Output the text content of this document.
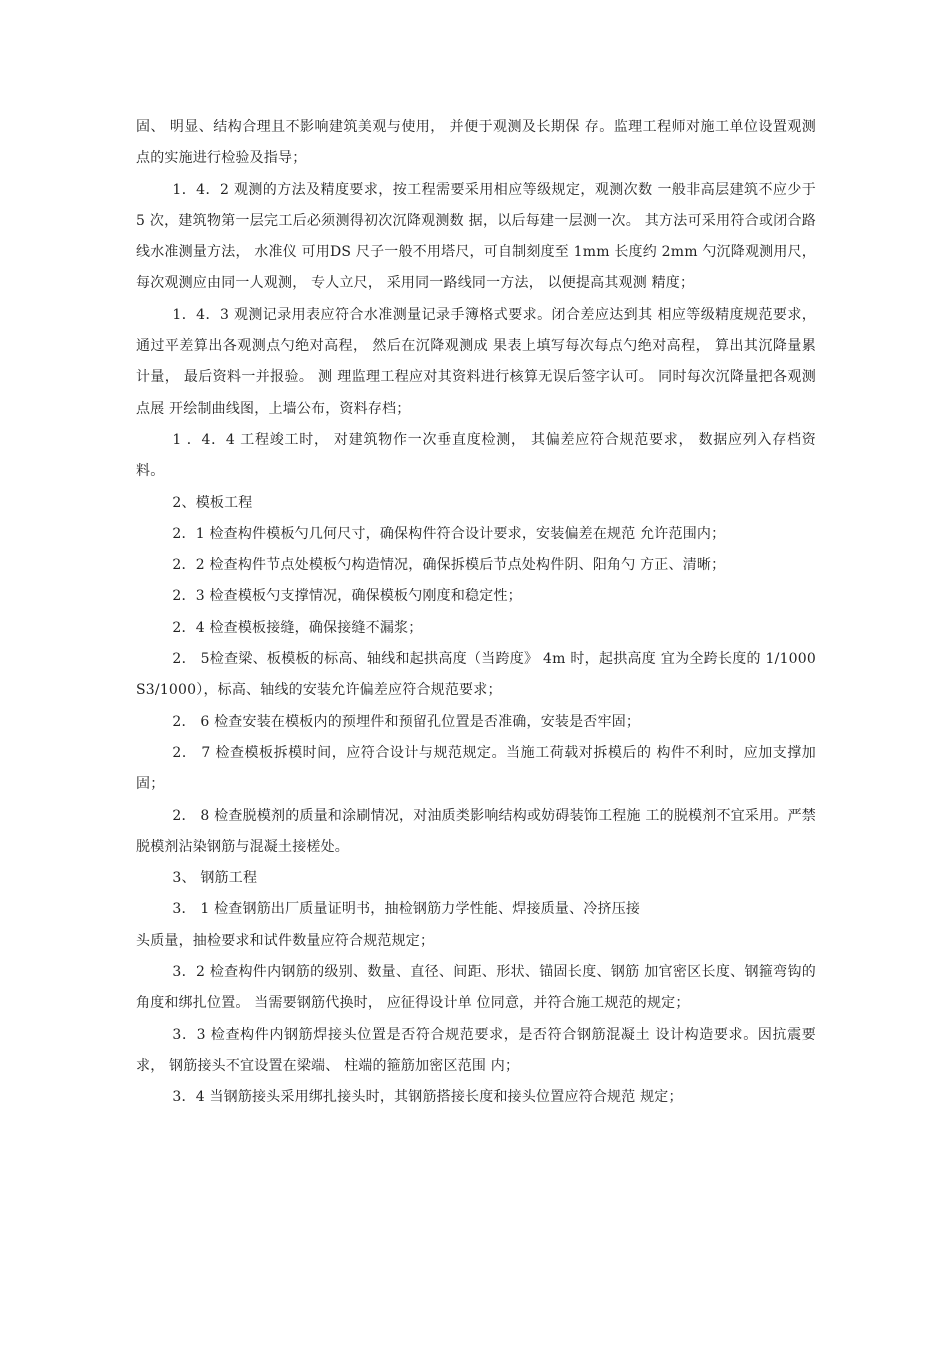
固、 明显、结构合理且不影响建筑美观与使用， 并便于观测及长期保 存。监理工程师对施工单位设置观测点的实施进行检验及指导；

1．4．2 观测的方法及精度要求，按工程需要采用相应等级规定，观测次数 一般非高层建筑不应少于 5 次，建筑物第一层完工后必须测得初次沉降观测数 据，以后每建一层测一次。 其方法可采用符合或闭合路线水准测量方法， 水准仪 可用DS 尺子一般不用塔尺，可自制刻度至 1mm 长度约 2mm 勺沉降观测用尺， 每次观测应由同一人观测， 专人立尺， 采用同一路线同一方法， 以便提高其观测 精度；

1．4．3 观测记录用表应符合水准测量记录手簿格式要求。闭合差应达到其 相应等级精度规范要求， 通过平差算出各观测点勺绝对高程， 然后在沉降观测成 果表上填写每次每点勺绝对高程， 算出其沉降量累计量， 最后资料一并报验。 测 理监理工程应对其资料进行核算无误后签字认可。 同时每次沉降量把各观测点展 开绘制曲线图，上墙公布，资料存档；

1 ．4．4 工程竣工时， 对建筑物作一次垂直度检测， 其偏差应符合规范要求， 数据应列入存档资料。

2、模板工程

2．1 检查构件模板勺几何尺寸，确保构件符合设计要求，安装偏差在规范 允许范围内；

2．2 检查构件节点处模板勺构造情况，确保拆模后节点处构件阴、阳角勺 方正、清晰；

2．3 检查模板勺支撑情况，确保模板勺刚度和稳定性；

2．4 检查模板接缝，确保接缝不漏浆；

2． 5检查梁、板模板的标高、轴线和起拱高度（当跨度》 4m 时，起拱高度 宜为全跨长度的 1/1000 S3/1000），标高、轴线的安装允许偏差应符合规范要求；

2． 6 检查安装在模板内的预埋件和预留孔位置是否准确，安装是否牢固；

2． 7 检查模板拆模时间，应符合设计与规范规定。当施工荷载对拆模后的 构件不利时，应加支撑加固；

2． 8 检查脱模剂的质量和涂刷情况，对油质类影响结构或妨碍装饰工程施 工的脱模剂不宜采用。严禁脱模剂沾染钢筋与混凝土接槎处。

3、 钢筋工程

3． 1 检查钢筋出厂质量证明书，抽检钢筋力学性能、焊接质量、冷挤压接

头质量，抽检要求和试件数量应符合规范规定；

3．2 检查构件内钢筋的级别、数量、直径、间距、形状、锚固长度、钢筋 加官密区长度、钢箍弯钩的角度和绑扎位置。 当需要钢筋代换时， 应征得设计单 位同意，并符合施工规范的规定；

3．3 检查构件内钢筋焊接头位置是否符合规范要求，是否符合钢筋混凝土 设计构造要求。因抗震要求， 钢筋接头不宜设置在梁端、 柱端的箍筋加密区范围 内；

3．4 当钢筋接头采用绑扎接头时，其钢筋搭接长度和接头位置应符合规范 规定；
